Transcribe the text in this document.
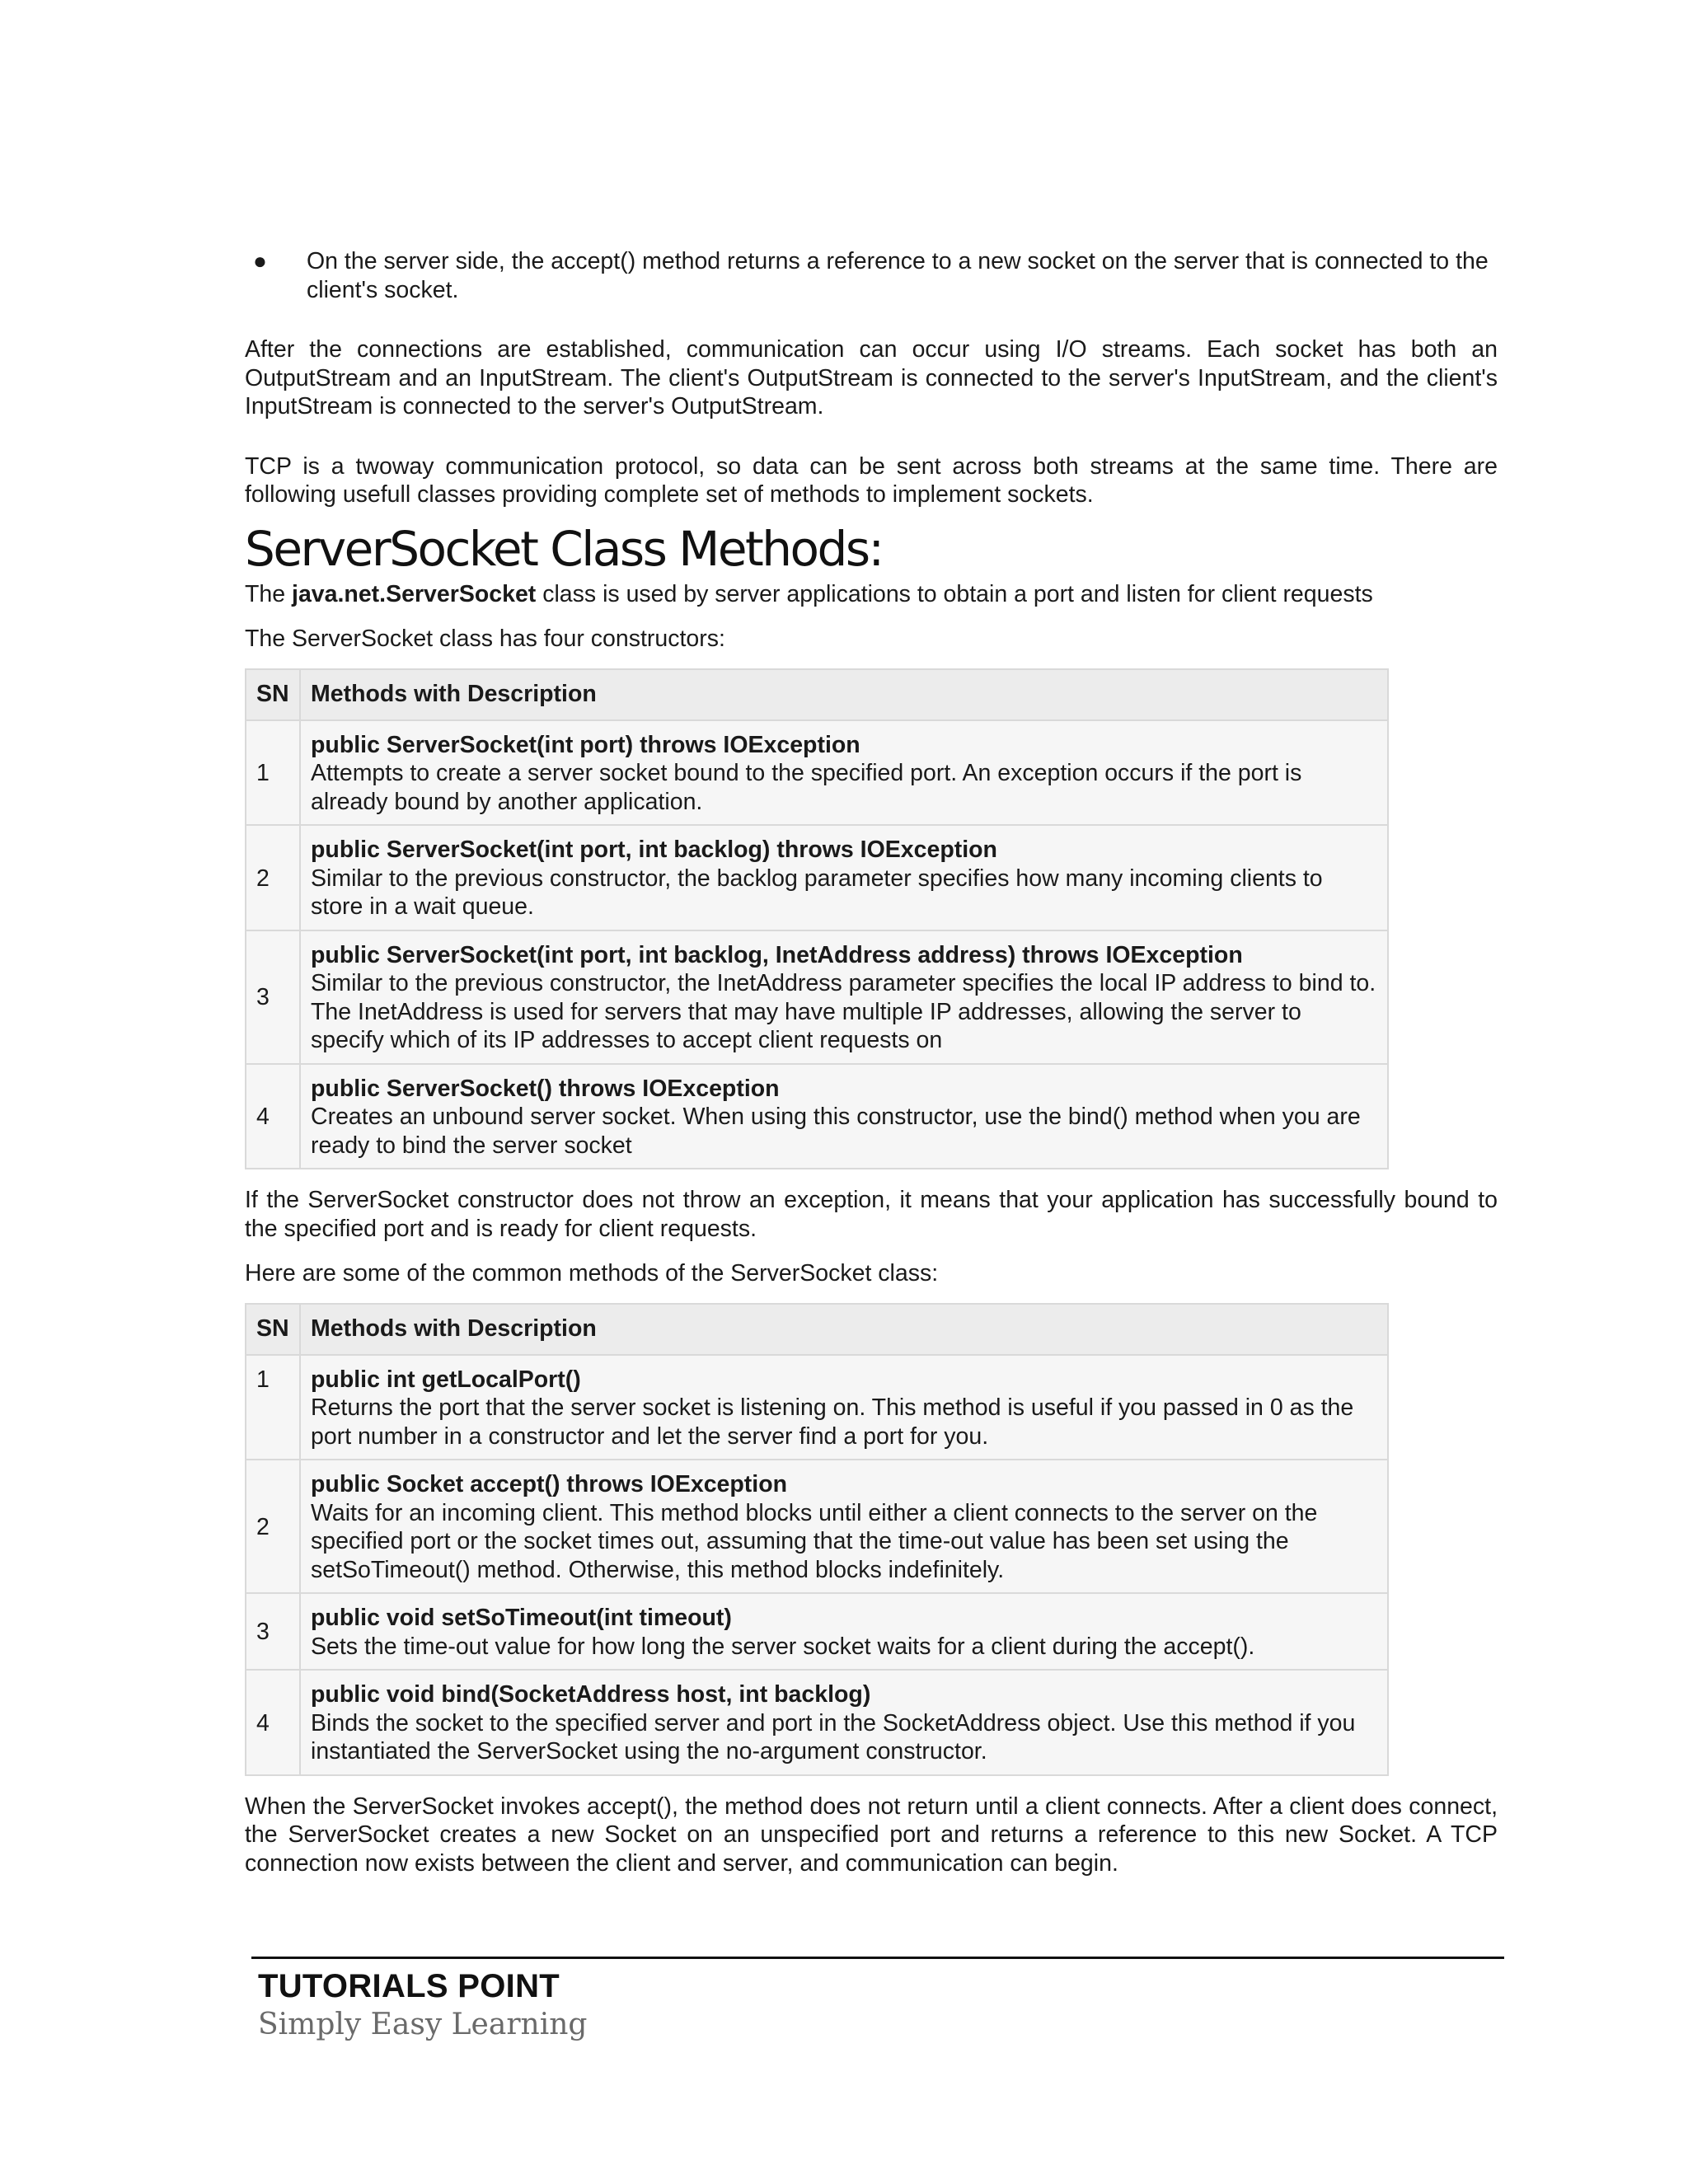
● On the server side, the accept() method returns a reference to a new socket on the server that is connected to the client's socket.

After the connections are established, communication can occur using I/O streams. Each socket has both an OutputStream and an InputStream. The client's OutputStream is connected to the server's InputStream, and the client's InputStream is connected to the server's OutputStream.

TCP is a twoway communication protocol, so data can be sent across both streams at the same time. There are following usefull classes providing complete set of methods to implement sockets.

ServerSocket Class Methods:

The java.net.ServerSocket class is used by server applications to obtain a port and listen for client requests

The ServerSocket class has four constructors:

SN	Methods with Description
1	public ServerSocket(int port) throws IOException
Attempts to create a server socket bound to the specified port. An exception occurs if the port is already bound by another application.

2	public ServerSocket(int port, int backlog) throws IOException
Similar to the previous constructor, the backlog parameter specifies how many incoming clients to store in a wait queue.

3	public ServerSocket(int port, int backlog, InetAddress address) throws IOException
Similar to the previous constructor, the InetAddress parameter specifies the local IP address to bind to. The InetAddress is used for servers that may have multiple IP addresses, allowing the server to specify which of its IP addresses to accept client requests on

4	public ServerSocket() throws IOException
Creates an unbound server socket. When using this constructor, use the bind() method when you are ready to bind the server socket

If the ServerSocket constructor does not throw an exception, it means that your application has successfully bound to the specified port and is ready for client requests.

Here are some of the common methods of the ServerSocket class:

SN	Methods with Description
1	public int getLocalPort()
Returns the port that the server socket is listening on. This method is useful if you passed in 0 as the port number in a constructor and let the server find a port for you.

2	public Socket accept() throws IOException
Waits for an incoming client. This method blocks until either a client connects to the server on the specified port or the socket times out, assuming that the time-out value has been set using the setSoTimeout() method. Otherwise, this method blocks indefinitely.

3	public void setSoTimeout(int timeout)
Sets the time-out value for how long the server socket waits for a client during the accept().

4	public void bind(SocketAddress host, int backlog)
Binds the socket to the specified server and port in the SocketAddress object. Use this method if you instantiated the ServerSocket using the no-argument constructor.

When the ServerSocket invokes accept(), the method does not return until a client connects. After a client does connect, the ServerSocket creates a new Socket on an unspecified port and returns a reference to this new Socket. A TCP connection now exists between the client and server, and communication can begin.

TUTORIALS POINT
Simply Easy Learning
